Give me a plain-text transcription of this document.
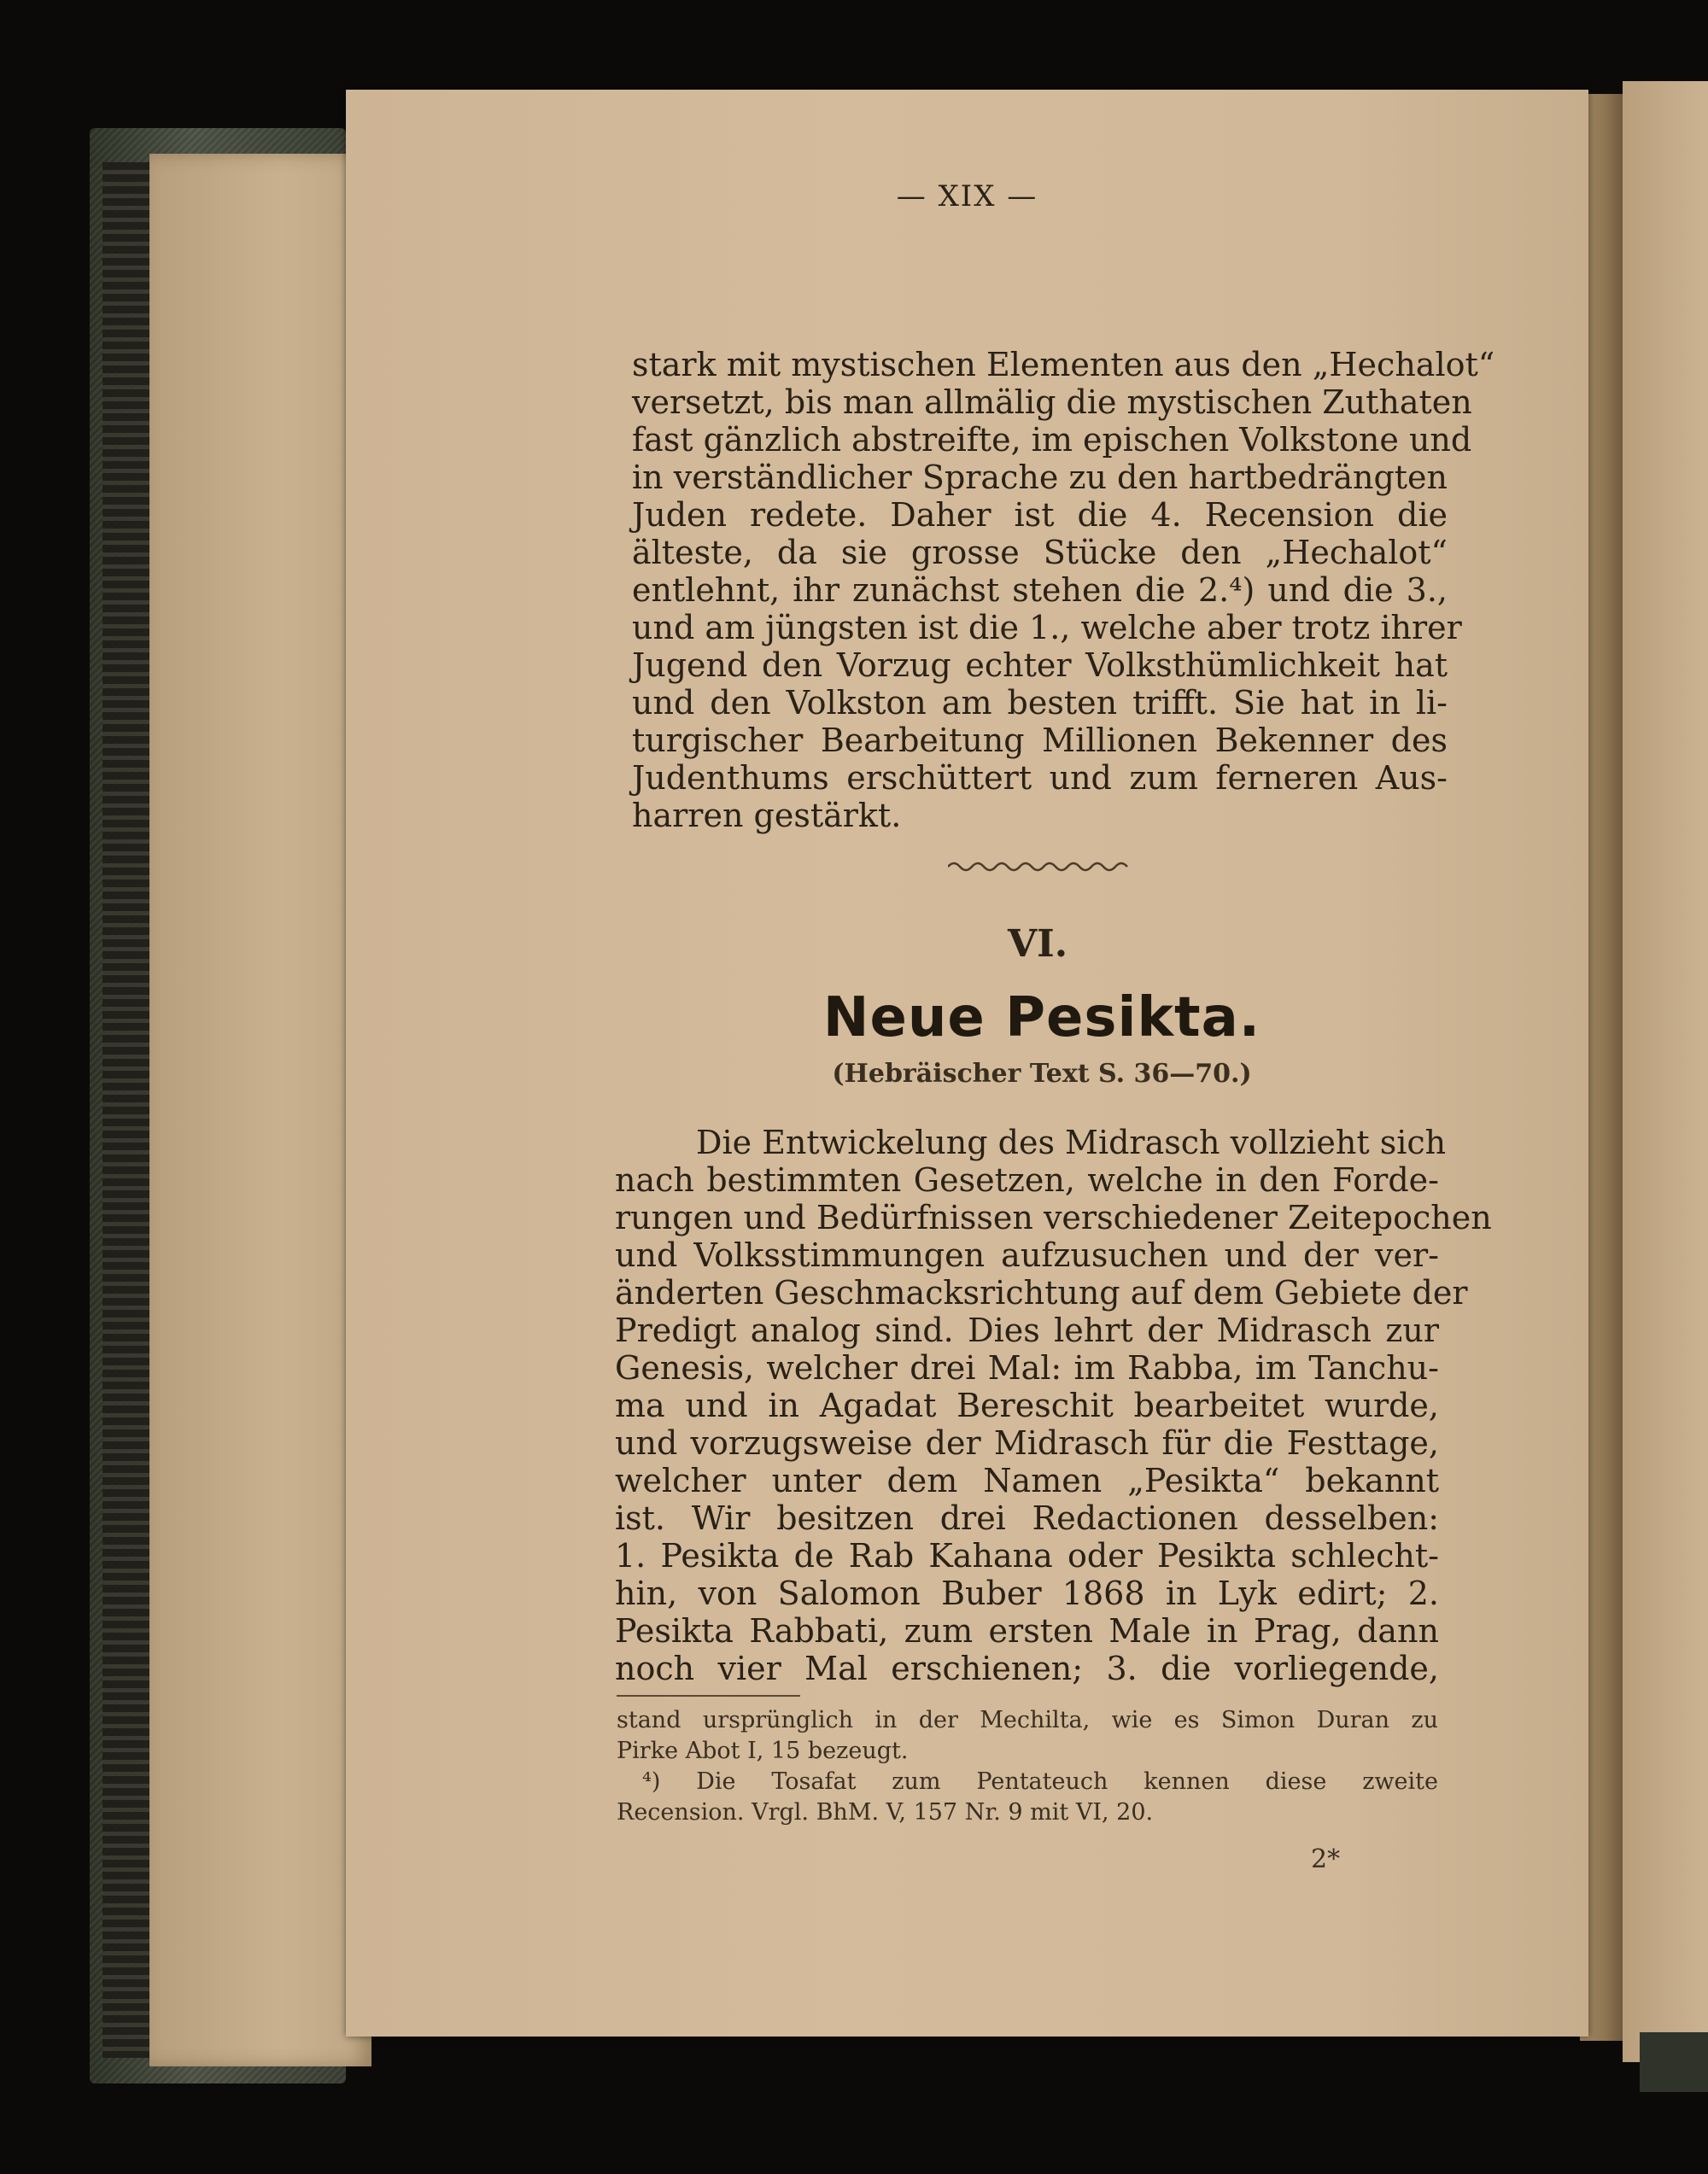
— XIX —
stark mit mystischen Elementen aus den „Hechalot“
versetzt, bis man allmälig die mystischen Zuthaten
fast gänzlich abstreifte, im epischen Volkstone und
in verständlicher Sprache zu den hartbedrängten
Juden redete. Daher ist die 4. Recension die
älteste, da sie grosse Stücke den „Hechalot“
entlehnt, ihr zunächst stehen die 2.⁴) und die 3.,
und am jüngsten ist die 1., welche aber trotz ihrer
Jugend den Vorzug echter Volksthümlichkeit hat
und den Volkston am besten trifft. Sie hat in li-
turgischer Bearbeitung Millionen Bekenner des
Judenthums erschüttert und zum ferneren Aus-
harren gestärkt.
VI.
Neue Pesikta.
(Hebräischer Text S. 36—70.)
Die Entwickelung des Midrasch vollzieht sich
nach bestimmten Gesetzen, welche in den Forde-
rungen und Bedürfnissen verschiedener Zeitepochen
und Volksstimmungen aufzusuchen und der ver-
änderten Geschmacksrichtung auf dem Gebiete der
Predigt analog sind. Dies lehrt der Midrasch zur
Genesis, welcher drei Mal: im Rabba, im Tanchu-
ma und in Agadat Bereschit bearbeitet wurde,
und vorzugsweise der Midrasch für die Festtage,
welcher unter dem Namen „Pesikta“ bekannt
ist. Wir besitzen drei Redactionen desselben:
1. Pesikta de Rab Kahana oder Pesikta schlecht-
hin, von Salomon Buber 1868 in Lyk edirt; 2.
Pesikta Rabbati, zum ersten Male in Prag, dann
noch vier Mal erschienen; 3. die vorliegende,
stand ursprünglich in der Mechilta, wie es Simon Duran zu
Pirke Abot I, 15 bezeugt.
⁴) Die Tosafat zum Pentateuch kennen diese zweite
Recension. Vrgl. BhM. V, 157 Nr. 9 mit VI, 20.
2*
